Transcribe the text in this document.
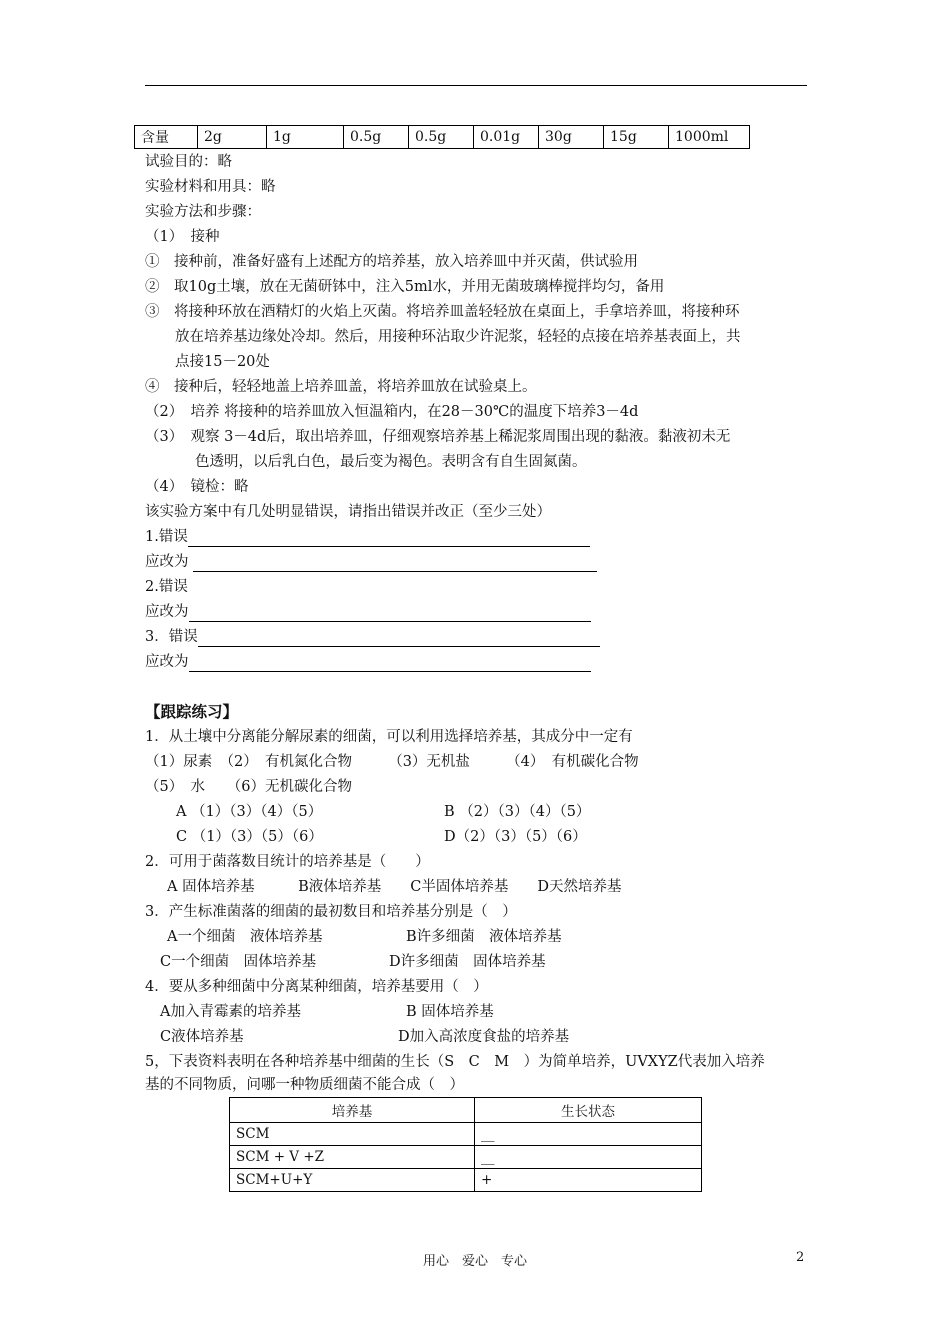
含量	2g	1g	0.5g	0.5g	0.01g	30g	15g	1000ml
试验目的：略
实验材料和用具：略
实验方法和步骤：
（1）　接种
①　接种前，准备好盛有上述配方的培养基，放入培养皿中并灭菌，供试验用
②　取10g土壤，放在无菌研钵中，注入5ml水，并用无菌玻璃棒搅拌均匀，备用
③　将接种环放在酒精灯的火焰上灭菌。将培养皿盖轻轻放在桌面上，手拿培养皿，将接种环
放在培养基边缘处冷却。然后，用接种环沾取少许泥浆，轻轻的点接在培养基表面上，共
点接15－20处
④　接种后，轻轻地盖上培养皿盖，将培养皿放在试验桌上。
（2）　培养 将接种的培养皿放入恒温箱内，在28－30℃的温度下培养3－4d
（3）　观察 3－4d后，取出培养皿，仔细观察培养基上稀泥浆周围出现的黏液。黏液初未无
色透明，以后乳白色，最后变为褐色。表明含有自生固氮菌。
（4）　镜检：略
该实验方案中有几处明显错误，请指出错误并改正（至少三处）
1.错误
应改为
2.错误
应改为
3．错误
应改为
【跟踪练习】
1．从土壤中分离能分解尿素的细菌，可以利用选择培养基，其成分中一定有
（1）尿素　（2）　有机氮化合物　　　（3）无机盐　　　（4）　有机碳化合物
（5）　水　　（6）无机碳化合物
A （1）（3）（4）（5）	B （2）（3）（4）（5）
C （1）（3）（5）（6）	D（2）（3）（5）（6）
2．可用于菌落数目统计的培养基是（　　）
A 固体培养基　　　B液体培养基　　C半固体培养基　　D天然培养基
3．产生标准菌落的细菌的最初数目和培养基分别是（　）
A一个细菌　液体培养基	B许多细菌　液体培养基
C一个细菌　固体培养基	D许多细菌　固体培养基
4．要从多种细菌中分离某种细菌，培养基要用（　）
A加入青霉素的培养基	B 固体培养基
C液体培养基	D加入高浓度食盐的培养基
5，下表资料表明在各种培养基中细菌的生长（S　C　M　）为简单培养，UVXYZ代表加入培养
基的不同物质，问哪一种物质细菌不能合成（　）
培养基	生长状态
SCM	＿
SCM + V +Z	＿
SCM+U+Y	+
用心　爱心　专心	2
